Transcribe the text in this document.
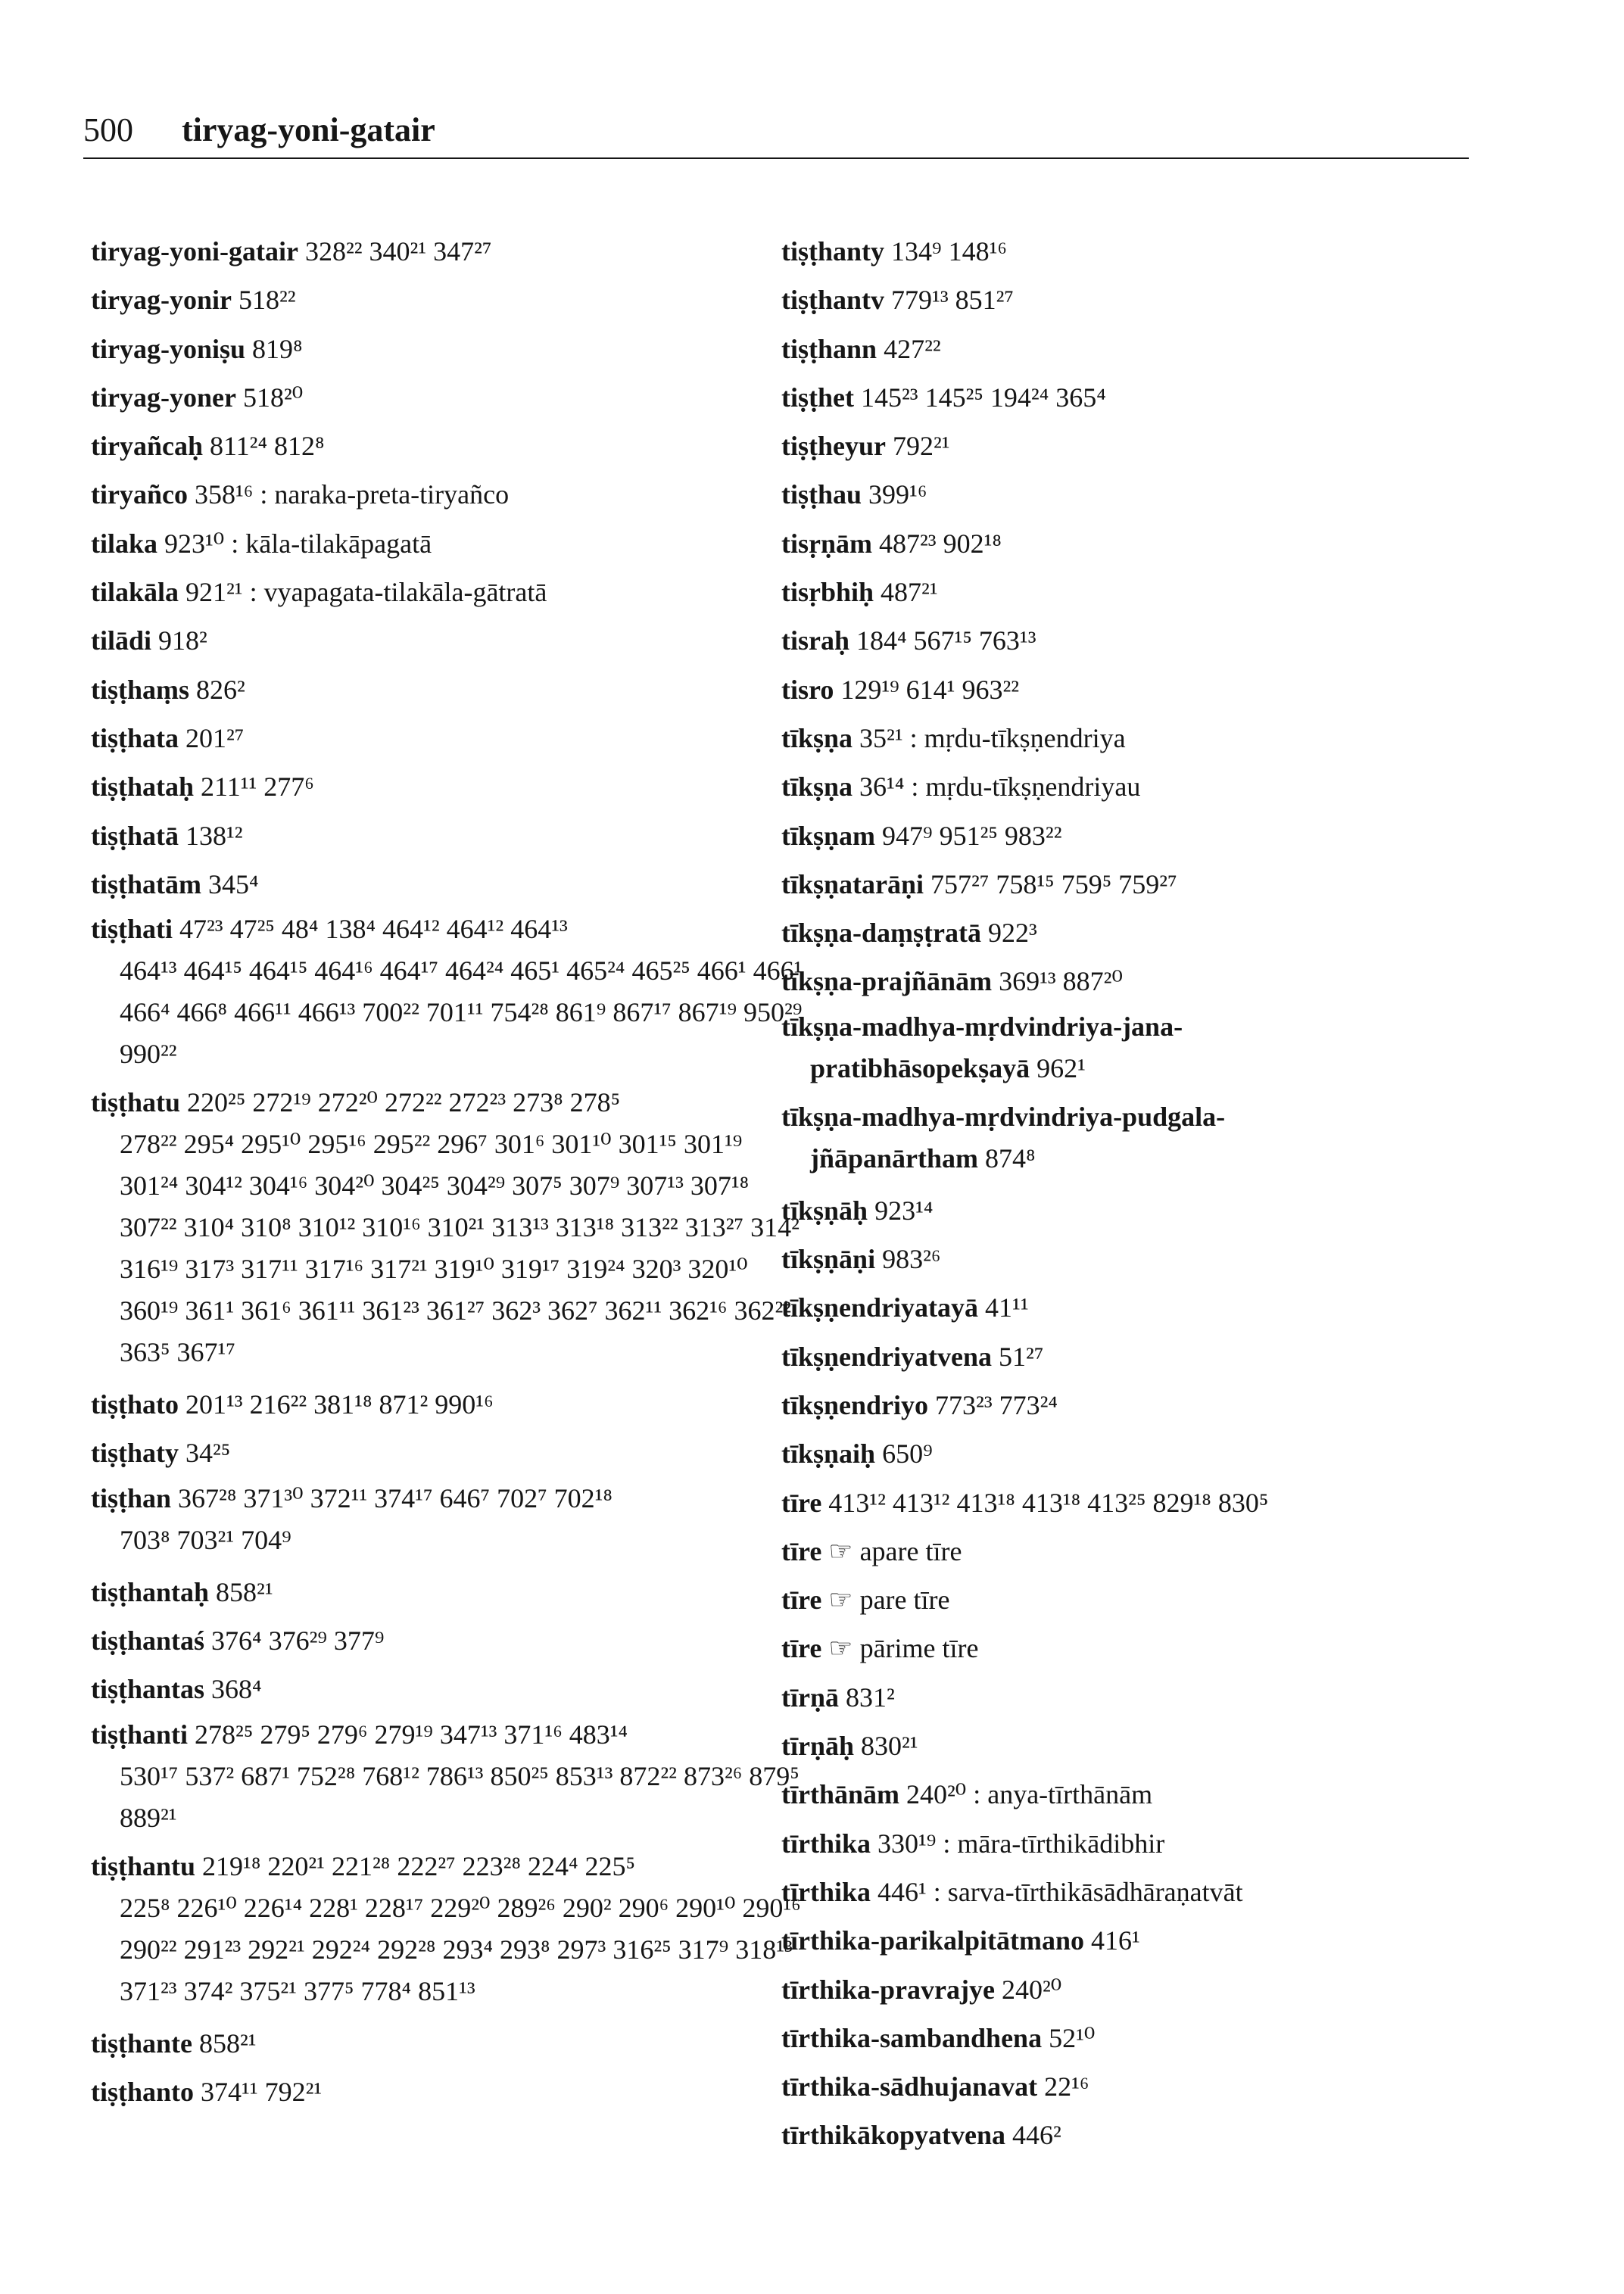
500 tiryag-yoni-gatair
tiryag-yoni-gatair 328²² 340²¹ 347²⁷
tiryag-yonir 518²²
tiryag-yoniṣu 819⁸
tiryag-yoner 518²⁰
tiryañcaḥ 811²⁴ 812⁸
tiryañco 358¹⁶ : naraka-preta-tiryañco
tilaka 923¹⁰ : kāla-tilakāpagatā
tilakāla 921²¹ : vyapagata-tilakāla-gātratā
tilādi 918²
tiṣṭhaṃs 826²
tiṣṭhata 201²⁷
tiṣṭhataḥ 211¹¹ 277⁶
tiṣṭhatā 138¹²
tiṣṭhatām 345⁴
tiṣṭhati 47²³ 47²⁵ 48⁴ 138⁴ 464¹² 464¹² 464¹³
464¹³ 464¹⁵ 464¹⁵ 464¹⁶ 464¹⁷ 464²⁴ 465¹ 465²⁴ 465²⁵ 466¹ 466¹ 466⁴ 466⁸ 466¹¹ 466¹³ 700²² 701¹¹ 754²⁸ 861⁹ 867¹⁷ 867¹⁹ 950²⁹ 990²²
tiṣṭhatu 220²⁵ 272¹⁹ 272²⁰ 272²² 272²³ 273⁸ 278⁵
278²² 295⁴ 295¹⁰ 295¹⁶ 295²² 296⁷ 301⁶ 301¹⁰ 301¹⁵ 301¹⁹ 301²⁴ 304¹² 304¹⁶ 304²⁰ 304²⁵ 304²⁹ 307⁵ 307⁹ 307¹³ 307¹⁸ 307²² 310⁴ 310⁸ 310¹² 310¹⁶ 310²¹ 313¹³ 313¹⁸ 313²² 313²⁷ 314² 316¹⁹ 317³ 317¹¹ 317¹⁶ 317²¹ 319¹⁰ 319¹⁷ 319²⁴ 320³ 320¹⁰ 360¹⁹ 361¹ 361⁶ 361¹¹ 361²³ 361²⁷ 362³ 362⁷ 362¹¹ 362¹⁶ 362²² 363⁵ 367¹⁷
tiṣṭhato 201¹³ 216²² 381¹⁸ 871² 990¹⁶
tiṣṭhaty 34²⁵
tiṣṭhan 367²⁸ 371³⁰ 372¹¹ 374¹⁷ 646⁷ 702⁷ 702¹⁸
703⁸ 703²¹ 704⁹
tiṣṭhantaḥ 858²¹
tiṣṭhantaś 376⁴ 376²⁹ 377⁹
tiṣṭhantas 368⁴
tiṣṭhanti 278²⁵ 279⁵ 279⁶ 279¹⁹ 347¹³ 371¹⁶ 483¹⁴
530¹⁷ 537² 687¹ 752²⁸ 768¹² 786¹³ 850²⁵ 853¹³ 872²² 873²⁶ 879⁵ 889²¹
tiṣṭhantu 219¹⁸ 220²¹ 221²⁸ 222²⁷ 223²⁸ 224⁴ 225⁵
225⁸ 226¹⁰ 226¹⁴ 228¹ 228¹⁷ 229²⁰ 289²⁶ 290² 290⁶ 290¹⁰ 290¹⁶ 290²² 291²³ 292²¹ 292²⁴ 292²⁸ 293⁴ 293⁸ 297³ 316²⁵ 317⁹ 318¹³ 371²³ 374² 375²¹ 377⁵ 778⁴ 851¹³
tiṣṭhante 858²¹
tiṣṭhanto 374¹¹ 792²¹
tiṣṭhanty 134⁹ 148¹⁶
tiṣṭhantv 779¹³ 851²⁷
tiṣṭhann 427²²
tiṣṭhet 145²³ 145²⁵ 194²⁴ 365⁴
tiṣṭheyur 792²¹
tiṣṭhau 399¹⁶
tisṛṇām 487²³ 902¹⁸
tisṛbhiḥ 487²¹
tisraḥ 184⁴ 567¹⁵ 763¹³
tisro 129¹⁹ 614¹ 963²²
tīkṣṇa 35²¹ : mṛdu-tīkṣṇendriya
tīkṣṇa 36¹⁴ : mṛdu-tīkṣṇendriyau
tīkṣṇam 947⁹ 951²⁵ 983²²
tīkṣṇatarāṇi 757²⁷ 758¹⁵ 759⁵ 759²⁷
tīkṣṇa-daṃṣṭratā 922³
tīkṣṇa-prajñānām 369¹³ 887²⁰
tīkṣṇa-madhya-mṛdvindriya-jana-
pratibhāsopekṣayā 962¹
tīkṣṇa-madhya-mṛdvindriya-pudgala-
jñāpanārtham 874⁸
tīkṣṇāḥ 923¹⁴
tīkṣṇāṇi 983²⁶
tīkṣṇendriyatayā 41¹¹
tīkṣṇendriyatvena 51²⁷
tīkṣṇendriyo 773²³ 773²⁴
tīkṣṇaiḥ 650⁹
tīre 413¹² 413¹² 413¹⁸ 413¹⁸ 413²⁵ 829¹⁸ 830⁵
tīre ☞ apare tīre
tīre ☞ pare tīre
tīre ☞ pārime tīre
tīrṇā 831²
tīrṇāḥ 830²¹
tīrthānām 240²⁰ : anya-tīrthānām
tīrthika 330¹⁹ : māra-tīrthikādibhir
tīrthika 446¹ : sarva-tīrthikāsādhāraṇatvāt
tīrthika-parikalpitātmano 416¹
tīrthika-pravrajye 240²⁰
tīrthika-sambandhena 52¹⁰
tīrthika-sādhujanavat 22¹⁶
tīrthikākopyatvena 446²
